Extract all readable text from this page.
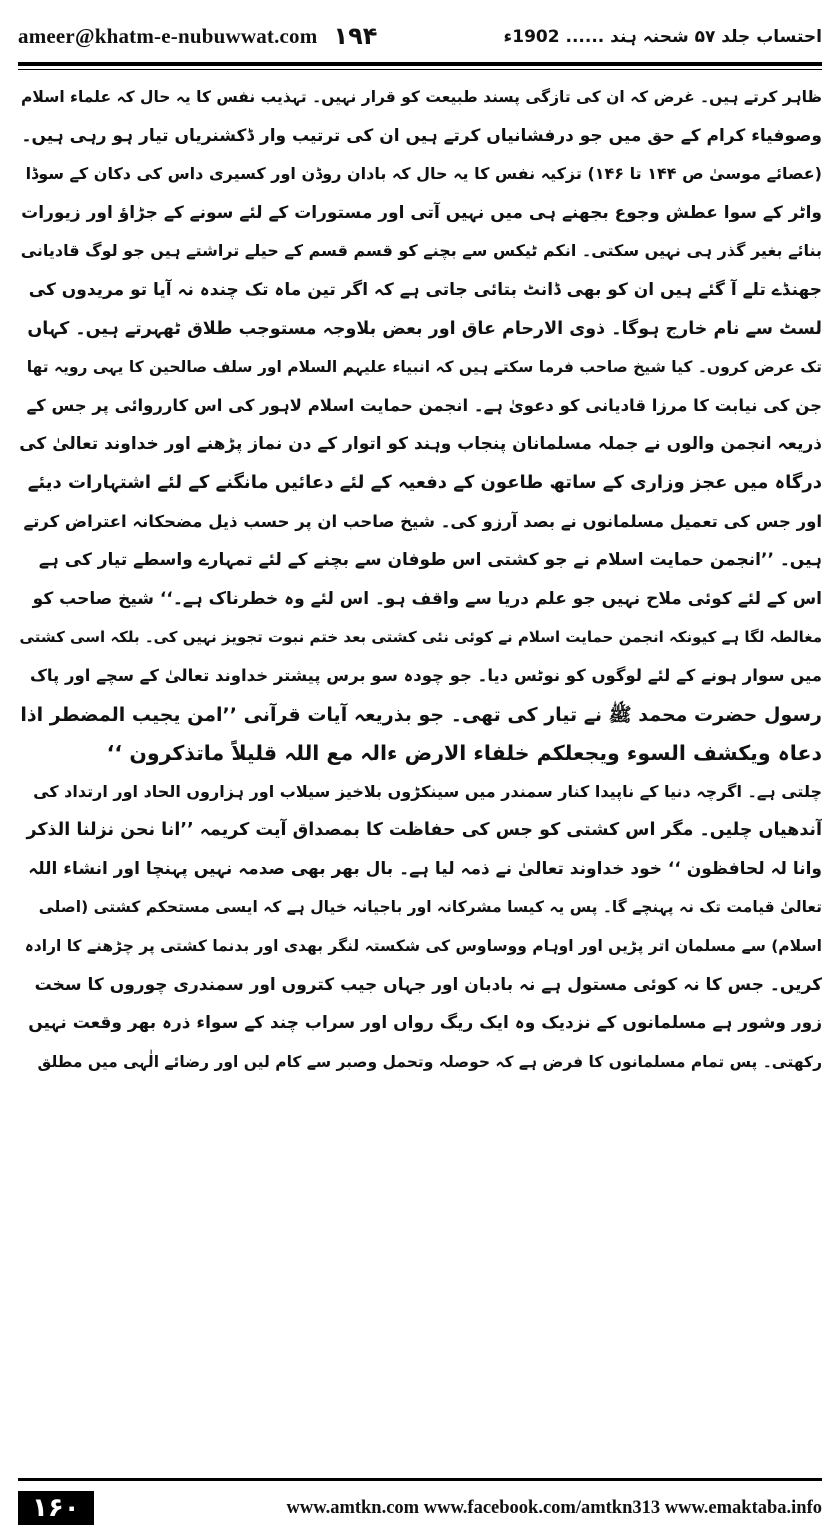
ameer@khatm-e-nubuwwat.com ۱۹۴	احتساب جلد ۵۷ شحنہ ہند ...... 1902ء
ظاہر کرتے ہیں۔ غرض کہ ان کی تازگی پسند طبیعت کو قرار نہیں۔ تہذیب نفس کا یہ حال کہ علماء اسلام
وصوفیاء کرام کے حق میں جو درفشانیاں کرتے ہیں ان کی ترتیب وار ڈکشنریاں تیار ہو رہی ہیں۔
(عصائے موسیٰ ص ۱۴۴ تا ۱۴۶) تزکیہ نفس کا یہ حال کہ بادان روڈن اور کسیری داس کی دکان کے سوڈا
واٹر کے سوا عطش وجوع بجھنے ہی میں نہیں آتی اور مستورات کے لئے سونے کے جڑاؤ اور زیورات
بنائے بغیر گذر ہی نہیں سکتی۔ انکم ٹیکس سے بچنے کو قسم قسم کے حیلے تراشتے ہیں جو لوگ قادیانی
جھنڈے تلے آ گئے ہیں ان کو بھی ڈانٹ بتائی جاتی ہے کہ اگر تین ماہ تک چندہ نہ آیا تو مریدوں کی
لسٹ سے نام خارج ہوگا۔ ذوی الارحام عاق اور بعض بلاوجہ مستوجب طلاق ٹھہرتے ہیں۔ کہاں
تک عرض کروں۔ کیا شیخ صاحب فرما سکتے ہیں کہ انبیاء علیہم السلام اور سلف صالحین کا یہی رویہ تھا
جن کی نیابت کا مرزا قادیانی کو دعویٰ ہے۔ انجمن حمایت اسلام لاہور کی اس کارروائی پر جس کے
ذریعہ انجمن والوں نے جملہ مسلمانان پنجاب وہند کو اتوار کے دن نماز پڑھنے اور خداوند تعالیٰ کی
درگاہ میں عجز وزاری کے ساتھ طاعون کے دفعیہ کے لئے دعائیں مانگنے کے لئے اشتہارات دیئے
اور جس کی تعمیل مسلمانوں نے بصد آرزو کی۔ شیخ صاحب ان پر حسب ذیل مضحکانہ اعتراض کرتے
ہیں۔ ’’انجمن حمایت اسلام نے جو کشتی اس طوفان سے بچنے کے لئے تمہارے واسطے تیار کی ہے
اس کے لئے کوئی ملاح نہیں جو علم دریا سے واقف ہو۔ اس لئے وہ خطرناک ہے۔‘‘ شیخ صاحب کو
مغالطہ لگا ہے کیونکہ انجمن حمایت اسلام نے کوئی نئی کشتی بعد ختم نبوت تجویز نہیں کی۔ بلکہ اسی کشتی
میں سوار ہونے کے لئے لوگوں کو نوٹس دیا۔ جو چودہ سو برس پیشتر خداوند تعالیٰ کے سچے اور پاک
رسول حضرت محمد ﷺ نے تیار کی تھی۔ جو بذریعہ آیات قرآنی ’’امن یجیب المضطر اذا
دعاہ ویکشف السوء ویجعلکم خلفاء الارض ءالہ مع اللہ قلیلاً ماتذکرون ‘‘
چلتی ہے۔ اگرچہ دنیا کے ناپیدا کنار سمندر میں سینکڑوں بلاخیز سیلاب اور ہزاروں الحاد اور ارتداد کی
آندھیاں چلیں۔ مگر اس کشتی کو جس کی حفاظت کا بمصداق آیت کریمہ ’’انا نحن نزلنا الذکر
وانا لہ لحافظون ‘‘ خود خداوند تعالیٰ نے ذمہ لیا ہے۔ بال بھر بھی صدمہ نہیں پہنچا اور انشاء اللہ
تعالیٰ قیامت تک نہ پہنچے گا۔ پس یہ کیسا مشرکانہ اور باجیانہ خیال ہے کہ ایسی مستحکم کشتی (اصلی
اسلام) سے مسلمان اتر پڑیں اور اوہام ووساوس کی شکستہ لنگر بھدی اور بدنما کشتی پر چڑھنے کا ارادہ
کریں۔ جس کا نہ کوئی مستول ہے نہ بادبان اور جہاں جیب کتروں اور سمندری چوروں کا سخت
زور وشور ہے مسلمانوں کے نزدیک وہ ایک ریگ رواں اور سراب چند کے سواء ذرہ بھر وقعت نہیں
رکھتی۔ پس تمام مسلمانوں کا فرض ہے کہ حوصلہ وتحمل وصبر سے کام لیں اور رضائے الٰہی میں مطلق
۱۶۰	www.amtkn.com www.facebook.com/amtkn313 www.emaktaba.info
